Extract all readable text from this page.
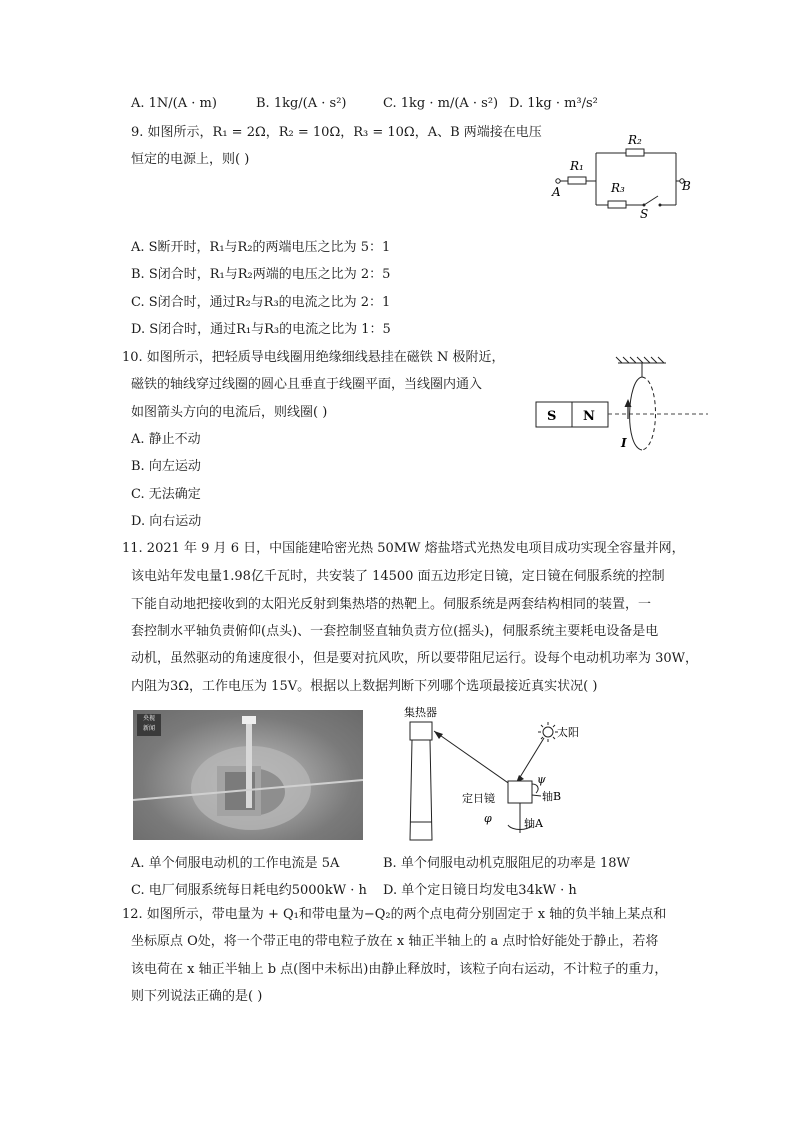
A. 1N/(A · m)	B. 1kg/(A · s²)	C. 1kg · m/(A · s²) D. 1kg · m³/s²
9. 如图所示，R₁ = 2Ω，R₂ = 10Ω，R₃ = 10Ω，A、B 两端接在电压
恒定的电源上，则( )	R₁
R₂
R₃
A	B
S
A. S断开时，R₁与R₂的两端电压之比为 5：1
B. S闭合时，R₁与R₂两端的电压之比为 2：5
C. S闭合时，通过R₂与R₃的电流之比为 2：1
D. S闭合时，通过R₁与R₃的电流之比为 1：5
10. 如图所示，把轻质导电线圈用绝缘细线悬挂在磁铁 N 极附近，
磁铁的轴线穿过线圈的圆心且垂直于线圈平面，当线圈内通入
如图箭头方向的电流后，则线圈( )
A. 静止不动
B. 向左运动
C. 无法确定
D. 向右运动
S N
I
11. 2021 年 9 月 6 日，中国能建哈密光热 50MW 熔盐塔式光热发电项目成功实现全容量并网，
该电站年发电量1.98亿千瓦时，共安装了 14500 面五边形定日镜，定日镜在伺服系统的控制
下能自动地把接收到的太阳光反射到集热塔的热靶上。伺服系统是两套结构相同的装置，一
套控制水平轴负责俯仰(点头)、一套控制竖直轴负责方位(摇头)，伺服系统主要耗电设备是电
动机，虽然驱动的角速度很小，但是要对抗风吹，所以要带阻尼运行。设每个电动机功率为 30W，
内阻为3Ω，工作电压为 15V。根据以上数据判断下列哪个选项最接近真实状况( )
央视
新闻
集热器
太阳
ψ
轴B
定日镜
φ	轴A
A. 单个伺服电动机的工作电流是 5A	B. 单个伺服电动机克服阻尼的功率是 18W
C. 电厂伺服系统每日耗电约5000kW · h D. 单个定日镜日均发电34kW · h
12. 如图所示，带电量为 + Q₁和带电量为−Q₂的两个点电荷分别固定于 x 轴的负半轴上某点和
坐标原点 O处，将一个带正电的带电粒子放在 x 轴正半轴上的 a 点时恰好能处于静止，若将
该电荷在 x 轴正半轴上 b 点(图中未标出)由静止释放时，该粒子向右运动，不计粒子的重力，
则下列说法正确的是( )
